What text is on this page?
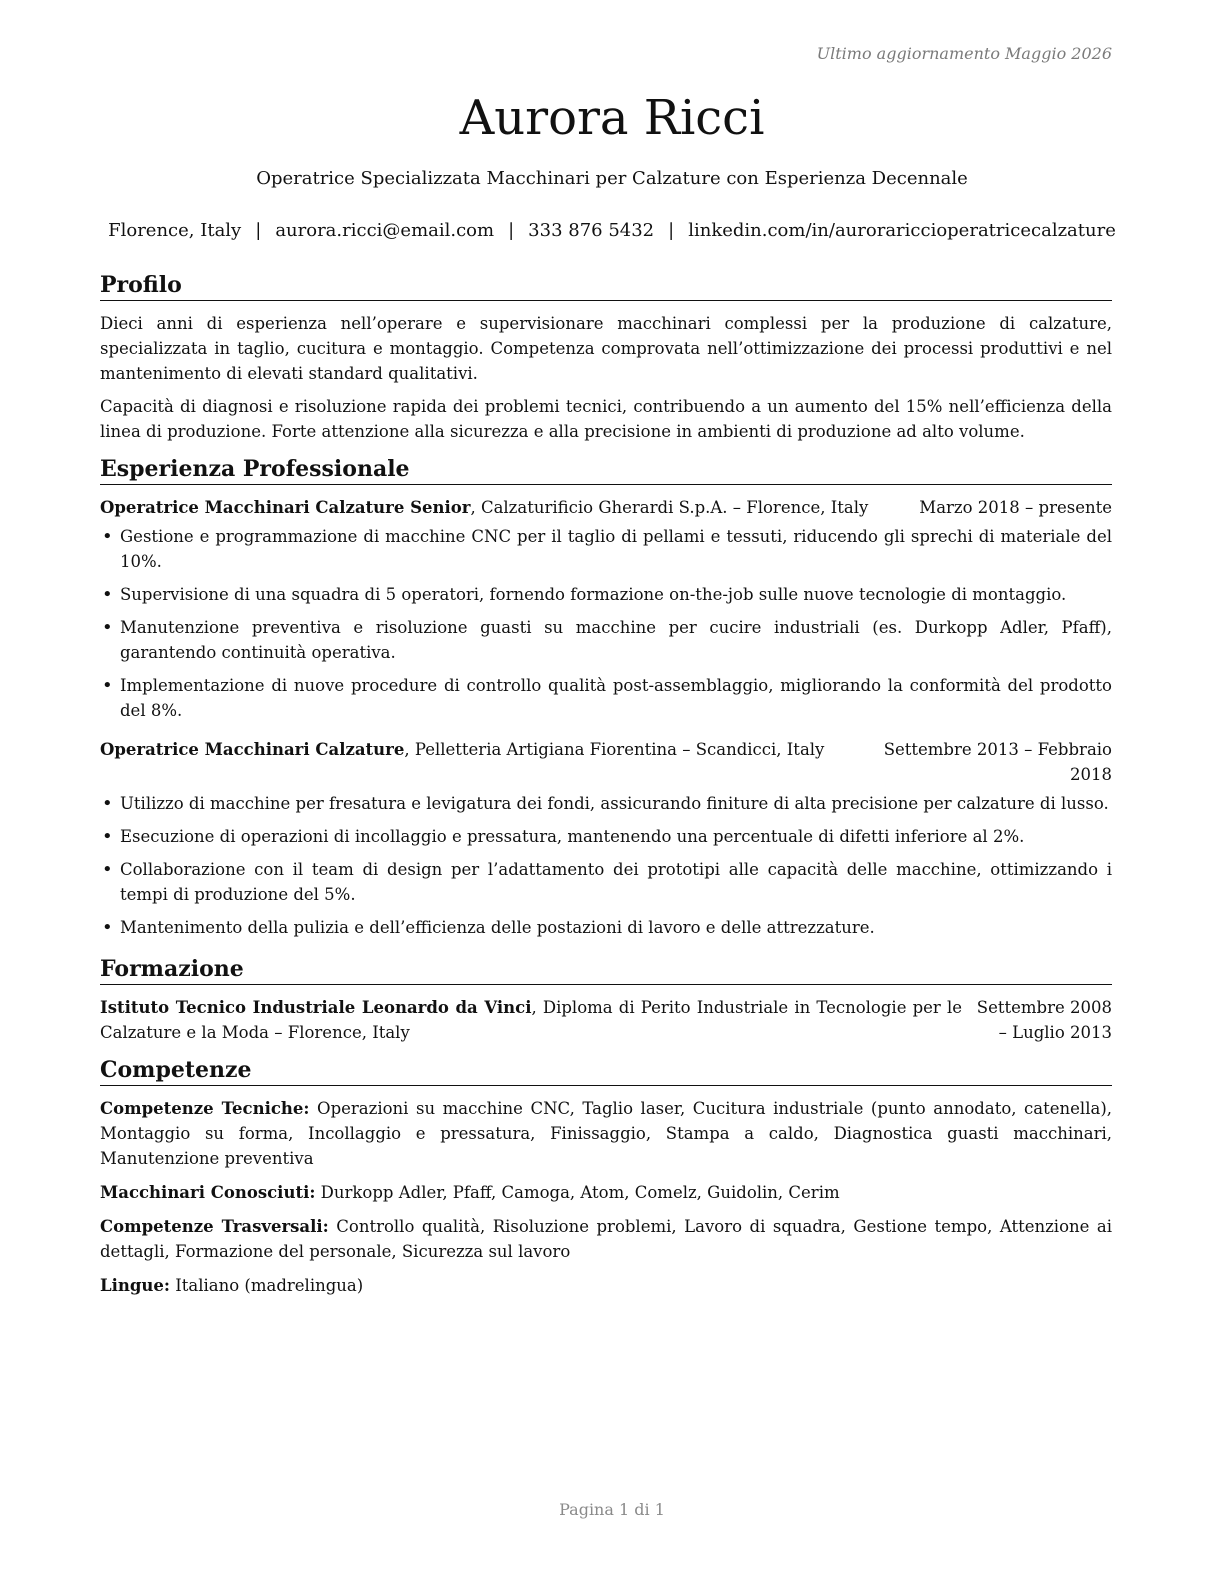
Ultimo aggiornamento Maggio 2026
Aurora Ricci
Operatrice Specializzata Macchinari per Calzature con Esperienza Decennale
Florence, Italy | aurora.ricci@email.com | 333 876 5432 | linkedin.com/in/aurorariccioperatricecalzature
Profilo

Dieci anni di esperienza nell’operare e supervisionare macchinari complessi per la produzione di calzature, specializzata in taglio, cucitura e montaggio. Competenza comprovata nell’ottimizzazione dei processi produttivi e nel mantenimento di elevati standard qualitativi.

Capacità di diagnosi e risoluzione rapida dei problemi tecnici, contribuendo a un aumento del 15% nell’efficienza della linea di produzione. Forte attenzione alla sicurezza e alla precisione in ambienti di produzione ad alto volume.

Esperienza Professionale
Operatrice Macchinari Calzature Senior, Calzaturificio Gherardi S.p.A. – Florence, Italy	Marzo 2018 – presente
• Gestione e programmazione di macchine CNC per il taglio di pellami e tessuti, riducendo gli sprechi di materiale del 10%.
• Supervisione di una squadra di 5 operatori, fornendo formazione on-the-job sulle nuove tecnologie di montaggio.
• Manutenzione preventiva e risoluzione guasti su macchine per cucire industriali (es. Durkopp Adler, Pfaff), garantendo continuità operativa.
• Implementazione di nuove procedure di controllo qualità post-assemblaggio, migliorando la conformità del prodotto del 8%.
Operatrice Macchinari Calzature, Pelletteria Artigiana Fiorentina – Scandicci, Italy	Settembre 2013 – Febbraio 2018
• Utilizzo di macchine per fresatura e levigatura dei fondi, assicurando finiture di alta precisione per calzature di lusso.
• Esecuzione di operazioni di incollaggio e pressatura, mantenendo una percentuale di difetti inferiore al 2%.
• Collaborazione con il team di design per l’adattamento dei prototipi alle capacità delle macchine, ottimizzando i tempi di produzione del 5%.
• Mantenimento della pulizia e dell’efficienza delle postazioni di lavoro e delle attrezzature.
Formazione
Istituto Tecnico Industriale Leonardo da Vinci, Diploma di Perito Industriale in Tecnologie per le Calzature e la Moda – Florence, Italy
Settembre 2008 – Luglio 2013
Competenze

Competenze Tecniche: Operazioni su macchine CNC, Taglio laser, Cucitura industriale (punto annodato, catenella), Montaggio su forma, Incollaggio e pressatura, Finissaggio, Stampa a caldo, Diagnostica guasti macchinari, Manutenzione preventiva

Macchinari Conosciuti: Durkopp Adler, Pfaff, Camoga, Atom, Comelz, Guidolin, Cerim

Competenze Trasversali: Controllo qualità, Risoluzione problemi, Lavoro di squadra, Gestione tempo, Attenzione ai dettagli, Formazione del personale, Sicurezza sul lavoro

Lingue: Italiano (madrelingua)

Pagina 1 di 1
